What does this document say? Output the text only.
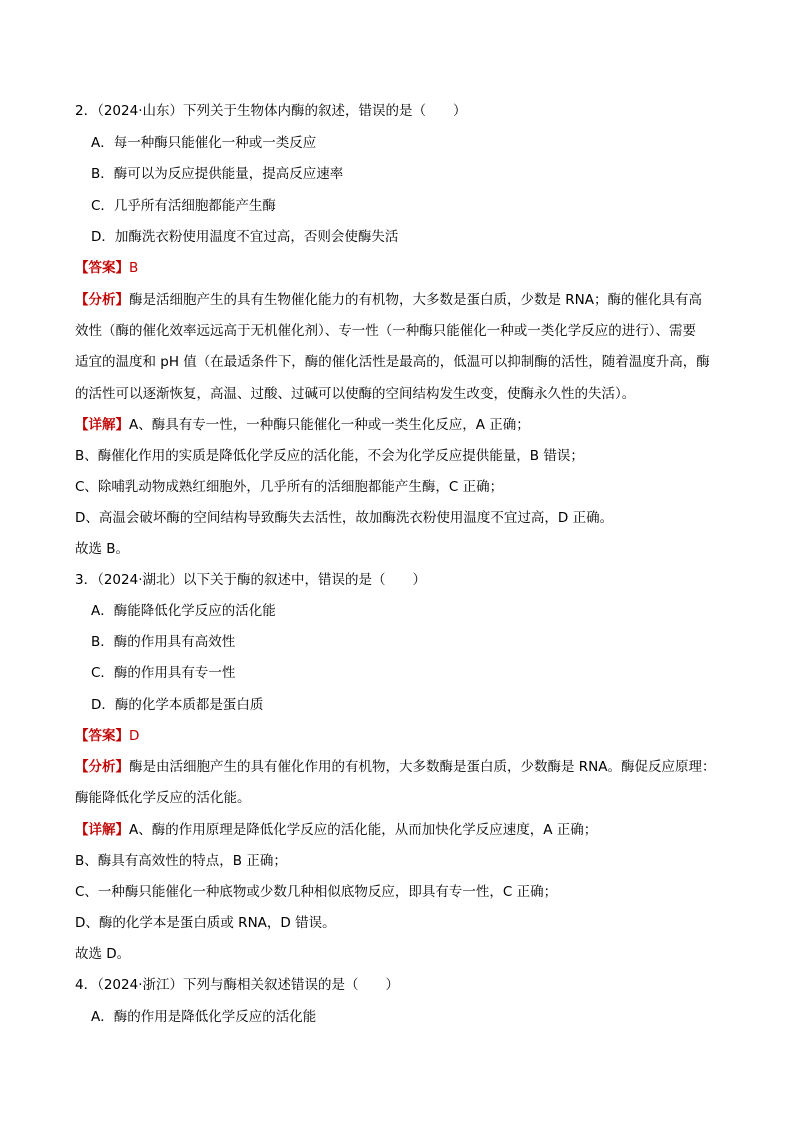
2．（2024·山东）下列关于生物体内酶的叙述，错误的是（　　）
A．每一种酶只能催化一种或一类反应
B．酶可以为反应提供能量，提高反应速率
C．几乎所有活细胞都能产生酶
D．加酶洗衣粉使用温度不宜过高，否则会使酶失活
【答案】B
【分析】酶是活细胞产生的具有生物催化能力的有机物，大多数是蛋白质，少数是 RNA；酶的催化具有高
效性（酶的催化效率远远高于无机催化剂）、专一性（一种酶只能催化一种或一类化学反应的进行）、需要
适宜的温度和 pH 值（在最适条件下，酶的催化活性是最高的，低温可以抑制酶的活性，随着温度升高，酶
的活性可以逐渐恢复，高温、过酸、过碱可以使酶的空间结构发生改变，使酶永久性的失活）。
【详解】A、酶具有专一性，一种酶只能催化一种或一类生化反应，A 正确；
B、酶催化作用的实质是降低化学反应的活化能，不会为化学反应提供能量，B 错误；
C、除哺乳动物成熟红细胞外，几乎所有的活细胞都能产生酶，C 正确；
D、高温会破坏酶的空间结构导致酶失去活性，故加酶洗衣粉使用温度不宜过高，D 正确。
故选 B。
3．（2024·湖北）以下关于酶的叙述中，错误的是（　　）
A．酶能降低化学反应的活化能
B．酶的作用具有高效性
C．酶的作用具有专一性
D．酶的化学本质都是蛋白质
【答案】D
【分析】酶是由活细胞产生的具有催化作用的有机物，大多数酶是蛋白质，少数酶是 RNA。酶促反应原理：
酶能降低化学反应的活化能。
【详解】A、酶的作用原理是降低化学反应的活化能，从而加快化学反应速度，A 正确；
B、酶具有高效性的特点，B 正确；
C、一种酶只能催化一种底物或少数几种相似底物反应，即具有专一性，C 正确；
D、酶的化学本是蛋白质或 RNA，D 错误。
故选 D。
4．（2024·浙江）下列与酶相关叙述错误的是（　　）
A．酶的作用是降低化学反应的活化能
